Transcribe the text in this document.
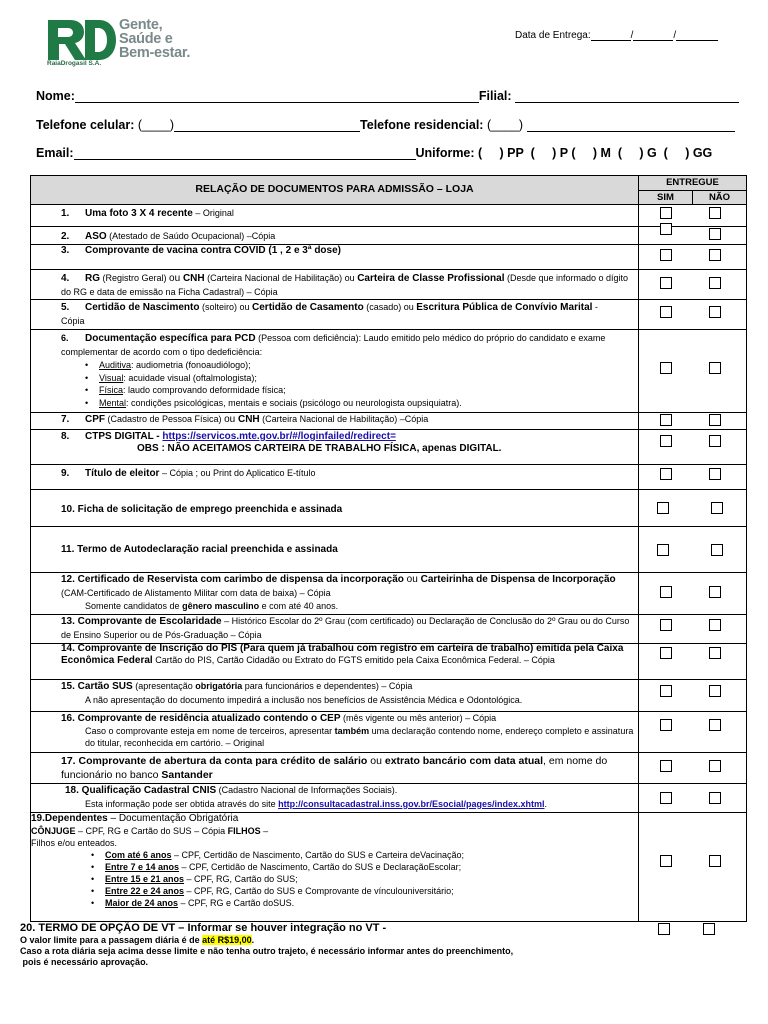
Gente,
Saúde e
Bem-estar.
RaiaDrogasil S.A.
Data de Entrega:	/	/
Nome:	Filial:
Telefone celular: (____)	Telefone residencial: (____)
Email:	Uniforme: (     ) PP  (     ) P (     ) M  (     ) G  (     ) GG
RELAÇÃO DE DOCUMENTOS PARA ADMISSÃO – LOJA
ENTREGUE
SIM	NÃO
1. Uma foto 3 X 4 recente – Original
2. ASO (Atestado de Saúdo Ocupacional) –Cópia
3. Comprovante de vacina contra COVID (1 , 2 e 3ª dose)
4. RG (Registro Geral) ou CNH (Carteira Nacional de Habilitação) ou Carteira de Classe Profissional (Desde que informado o dígito do RG e data de emissão na Ficha Cadastral) – Cópia
5. Certidão de Nascimento (solteiro) ou Certidão de Casamento (casado) ou Escritura Pública de Convívio Marital - Cópia
6. Documentação específica para PCD (Pessoa com deficiência): Laudo emitido pelo médico do próprio do candidato e exame complementar de acordo com o tipo dedeficiência:
• Auditiva: audiometria (fonoaudiólogo);
• Visual: acuidade visual (oftalmologista);
• Física: laudo comprovando deformidade física;
• Mental: condições psicológicas, mentais e sociais (psicólogo ou neurologista oupsiquiatra).
7. CPF (Cadastro de Pessoa Física) ou CNH (Carteira Nacional de Habilitação) –Cópia
8. CTPS DIGITAL - https://servicos.mte.gov.br/#/loginfailed/redirect=
OBS : NÃO ACEITAMOS CARTEIRA DE TRABALHO FÍSICA, apenas DIGITAL.
9. Título de eleitor – Cópia ; ou Print do Aplicatico E-título
10. Ficha de solicitação de emprego preenchida e assinada
11. Termo de Autodeclaração racial preenchida e assinada
12. Certificado de Reservista com carimbo de dispensa da incorporação ou Carteirinha de Dispensa de Incorporação (CAM-Certificado de Alistamento Militar com data de baixa) – Cópia
Somente candidatos de gênero masculino e com até 40 anos.
13. Comprovante de Escolaridade – Histórico Escolar do 2º Grau (com certificado) ou Declaração de Conclusão do 2º Grau ou do Curso de Ensino Superior ou de Pós-Graduação – Cópia
14. Comprovante de Inscrição do PIS (Para quem já trabalhou com registro em carteira de trabalho) emitida pela Caixa Econômica Federal Cartão do PIS, Cartão Cidadão ou Extrato do FGTS emitido pela Caixa Econômica Federal. – Cópia
15. Cartão SUS (apresentação obrigatória para funcionários e dependentes) – Cópia
A não apresentação do documento impedirá a inclusão nos benefícios de Assistência Médica e Odontológica.
16. Comprovante de residência atualizado contendo o CEP (mês vigente ou mês anterior) – Cópia
Caso o comprovante esteja em nome de terceiros, apresentar também uma declaração contendo nome, endereço completo e assinatura do titular, reconhecida em cartório. – Original
17. Comprovante de abertura da conta para crédito de salário ou extrato bancário com data atual, em nome do funcionário no banco Santander
18. Qualificação Cadastral CNIS (Cadastro Nacional de Informações Sociais).
Esta informação pode ser obtida através do site http://consultacadastral.inss.gov.br/Esocial/pages/index.xhtml.
19.Dependentes – Documentação Obrigatória
CÔNJUGE – CPF, RG e Cartão do SUS – Cópia FILHOS –
Filhos e/ou enteados.
• Com até 6 anos – CPF, Certidão de Nascimento, Cartão do SUS e Carteira deVacinação;
• Entre 7 e 14 anos – CPF, Certidão de Nascimento, Cartão do SUS e DeclaraçãoEscolar;
• Entre 15 e 21 anos – CPF, RG, Cartão do SUS;
• Entre 22 e 24 anos – CPF, RG, Cartão do SUS e Comprovante de vínculouniversitário;
• Maior de 24 anos – CPF, RG e Cartão doSUS.
20. TERMO DE OPÇÃO DE VT – Informar se houver integração no VT -
O valor limite para a passagem diária é de até R$19,00.
Caso a rota diária seja acima desse limite e não tenha outro trajeto, é necessário informar antes do preenchimento,
pois é necessário aprovação.
